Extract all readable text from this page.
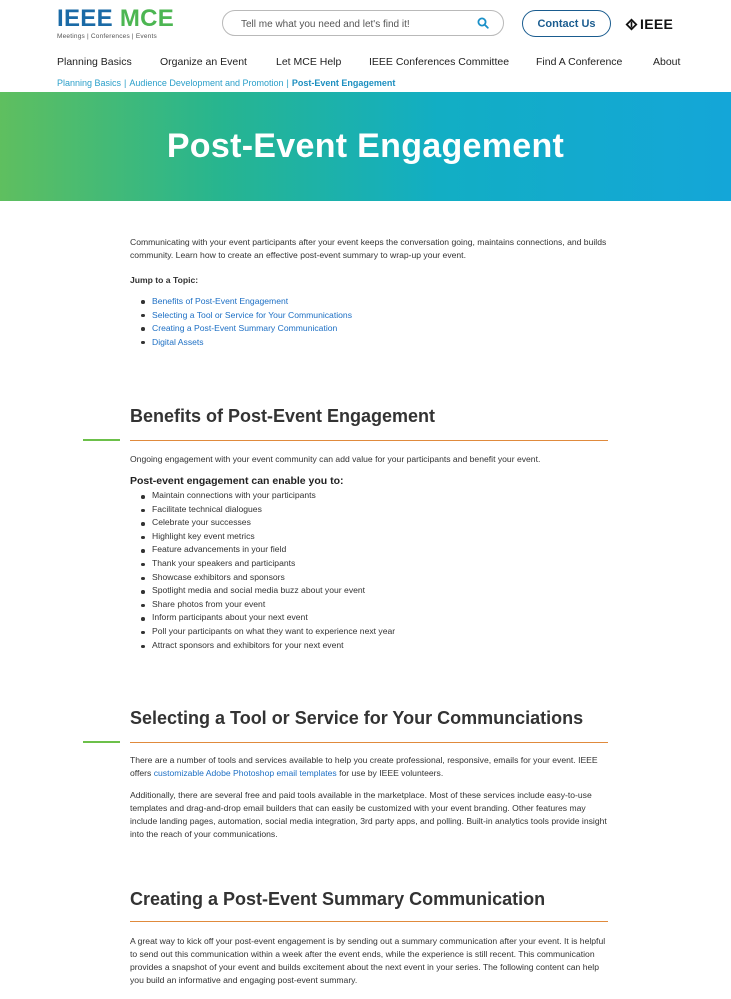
IEEE MCE
Meetings | Conferences | Events
Tell me what you need and let's find it!
Contact Us	IEEE
Planning Basics	Organize an Event	Let MCE Help	IEEE Conferences Committee	Find A Conference	About
Planning Basics | Audience Development and Promotion | Post-Event Engagement
Post-Event Engagement

Communicating with your event participants after your event keeps the conversation going, maintains connections, and builds community. Learn how to create an effective post-event summary to wrap-up your event.

Jump to a Topic:

Benefits of Post-Event Engagement
Selecting a Tool or Service for Your Communications
Creating a Post-Event Summary Communication
Digital Assets
Benefits of Post-Event Engagement

Ongoing engagement with your event community can add value for your participants and benefit your event.

Post-event engagement can enable you to:

Maintain connections with your participants
Facilitate technical dialogues
Celebrate your successes
Highlight key event metrics
Feature advancements in your field
Thank your speakers and participants
Showcase exhibitors and sponsors
Spotlight media and social media buzz about your event
Share photos from your event
Inform participants about your next event
Poll your participants on what they want to experience next year
Attract sponsors and exhibitors for your next event
Selecting a Tool or Service for Your Communciations

There are a number of tools and services available to help you create professional, responsive, emails for your event. IEEE offers customizable Adobe Photoshop email templates for use by IEEE volunteers.

Additionally, there are several free and paid tools available in the marketplace. Most of these services include easy-to-use templates and drag-and-drop email builders that can easily be customized with your event branding. Other features may include landing pages, automation, social media integration, 3rd party apps, and polling. Built-in analytics tools provide insight into the reach of your communications.

Creating a Post-Event Summary Communication

A great way to kick off your post-event engagement is by sending out a summary communication after your event. It is helpful to send out this communication within a week after the event ends, while the experience is still recent. This communication provides a snapshot of your event and builds excitement about the next event in your series. The following content can help you build an informative and engaging post-event summary.
